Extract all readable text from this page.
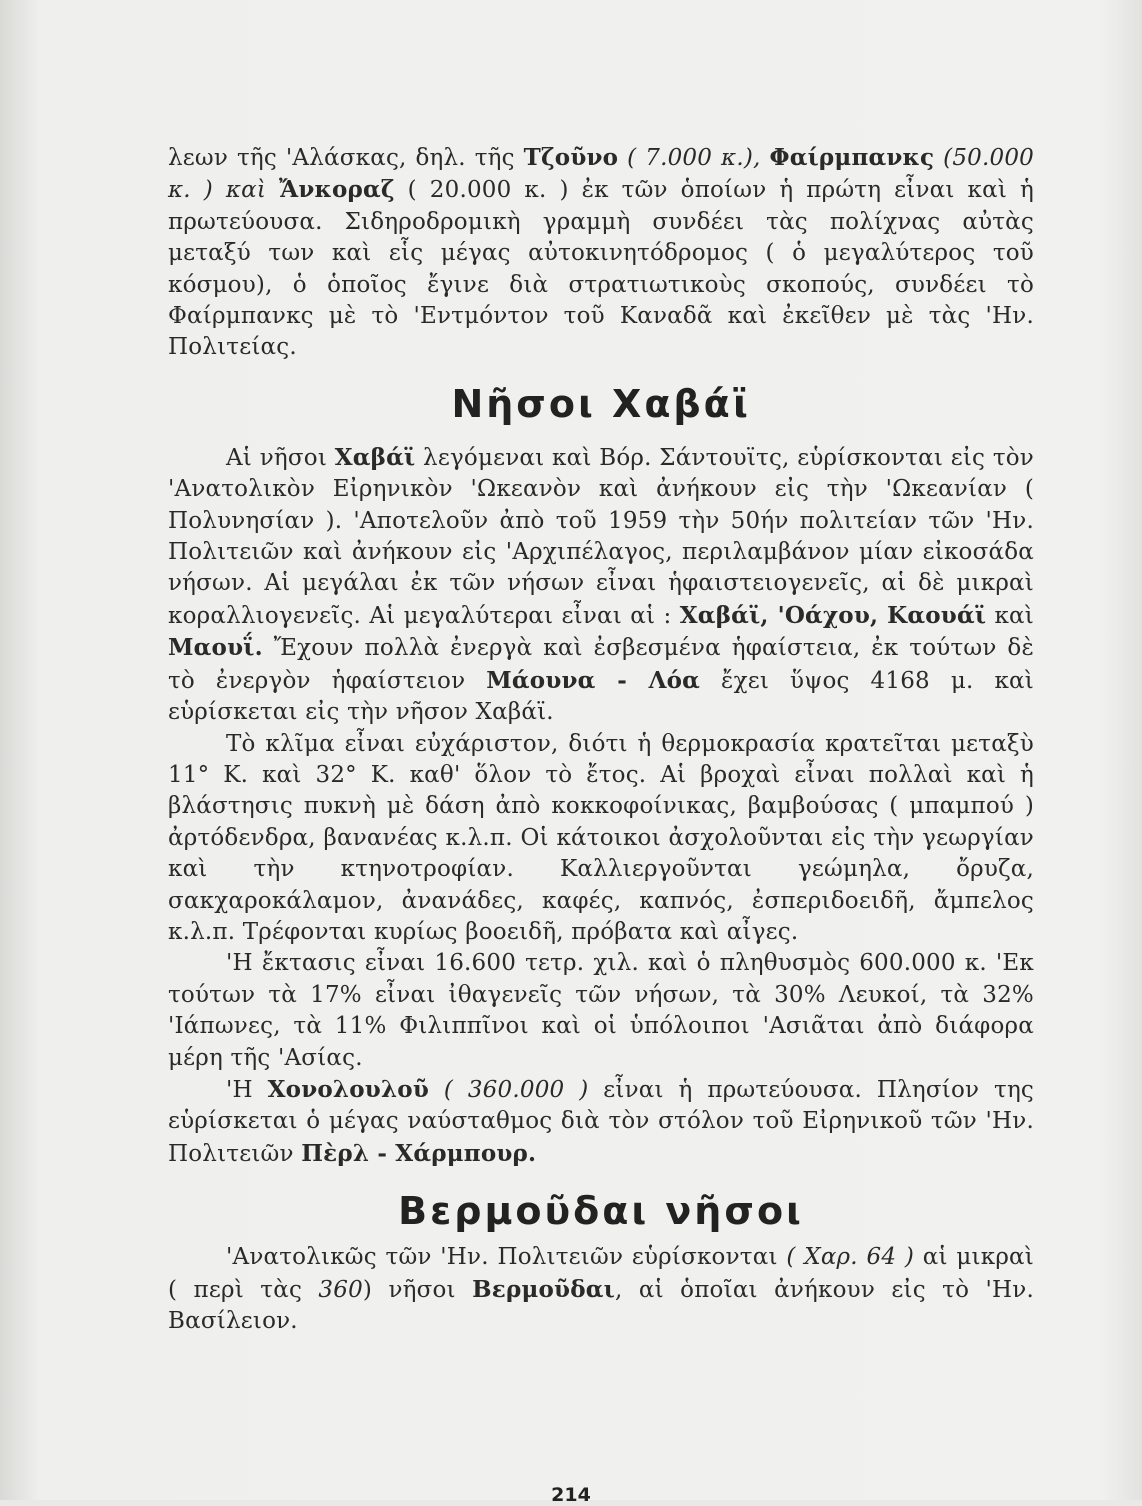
λεων τῆς 'Αλάσκας, δηλ. τῆς Τζοῦνο ( 7.000 κ.), Φαίρμπανκς (50.000 κ. ) καὶ Ἄνκοραζ ( 20.000 κ. ) ἐκ τῶν ὁποίων ἡ πρώτη εἶναι καὶ ἡ πρωτεύουσα. Σιδηροδρομικὴ γραμμὴ συνδέει τὰς πολίχνας αὐτὰς μεταξύ των καὶ εἷς μέγας αὐτοκινητόδρομος ( ὁ μεγαλύτερος τοῦ κόσμου), ὁ ὁποῖος ἔγινε διὰ στρατιωτικοὺς σκοπούς, συνδέει τὸ Φαίρμπανκς μὲ τὸ 'Εντμόντον τοῦ Καναδᾶ καὶ ἐκεῖθεν μὲ τὰς 'Ην. Πολιτείας.

Νῆσοι Χαβάϊ

Αἱ νῆσοι Χαβάϊ λεγόμεναι καὶ Βόρ. Σάντουϊτς, εὑρίσκονται εἰς τὸν 'Ανατολικὸν Εἰρηνικὸν 'Ωκεανὸν καὶ ἀνήκουν εἰς τὴν 'Ωκεανίαν ( Πολυνησίαν ). 'Αποτελοῦν ἀπὸ τοῦ 1959 τὴν 50ήν πολιτείαν τῶν 'Ην. Πολιτειῶν καὶ ἀνήκουν εἰς 'Αρχιπέλαγος, περιλαμβάνον μίαν εἰκοσάδα νήσων. Αἱ μεγάλαι ἐκ τῶν νήσων εἶναι ἡφαιστειογενεῖς, αἱ δὲ μικραὶ κοραλλιογενεῖς. Αἱ μεγαλύτεραι εἶναι αἱ : Χαβάϊ, 'Οάχου, Καουάϊ καὶ Μαουΐ. Ἔχουν πολλὰ ἐνεργὰ καὶ ἐσβεσμένα ἡφαίστεια, ἐκ τούτων δὲ τὸ ἐνεργὸν ἡφαίστειον Μάουνα - Λόα ἔχει ὕψος 4168 μ. καὶ εὑρίσκεται εἰς τὴν νῆσον Χαβάϊ.

Τὸ κλῖμα εἶναι εὐχάριστον, διότι ἡ θερμοκρασία κρατεῖται μεταξὺ 11° Κ. καὶ 32° Κ. καθ' ὅλον τὸ ἔτος. Αἱ βροχαὶ εἶναι πολλαὶ καὶ ἡ βλάστησις πυκνὴ μὲ δάση ἀπὸ κοκκοφοίνικας, βαμβούσας ( μπαμπού ) ἀρτόδενδρα, βανανέας κ.λ.π. Οἱ κάτοικοι ἀσχολοῦνται εἰς τὴν γεωργίαν καὶ τὴν κτηνοτροφίαν. Καλλιεργοῦνται γεώμηλα, ὄρυζα, σακχαροκάλαμον, ἀνανάδες, καφές, καπνός, ἐσπεριδοειδῆ, ἄμπελος κ.λ.π. Τρέφονται κυρίως βοοειδῆ, πρόβατα καὶ αἶγες.

'Η ἔκτασις εἶναι 16.600 τετρ. χιλ. καὶ ὁ πληθυσμὸς 600.000 κ. 'Εκ τούτων τὰ 17% εἶναι ἰθαγενεῖς τῶν νήσων, τὰ 30% Λευκοί, τὰ 32% 'Ιάπωνες, τὰ 11% Φιλιππῖνοι καὶ οἱ ὑπόλοιποι 'Ασιᾶται ἀπὸ διάφορα μέρη τῆς 'Ασίας.

'Η Χονολουλοῦ ( 360.000 ) εἶναι ἡ πρωτεύουσα. Πλησίον της εὑρίσκεται ὁ μέγας ναύσταθμος διὰ τὸν στόλον τοῦ Εἰρηνικοῦ τῶν 'Ην. Πολιτειῶν Πὲρλ - Χάρμπουρ.

Βερμοῦδαι νῆσοι

'Ανατολικῶς τῶν 'Ην. Πολιτειῶν εὑρίσκονται ( Χαρ. 64 ) αἱ μικραὶ ( περὶ τὰς 360) νῆσοι Βερμοῦδαι, αἱ ὁποῖαι ἀνήκουν εἰς τὸ 'Ην. Βασίλειον.

214
